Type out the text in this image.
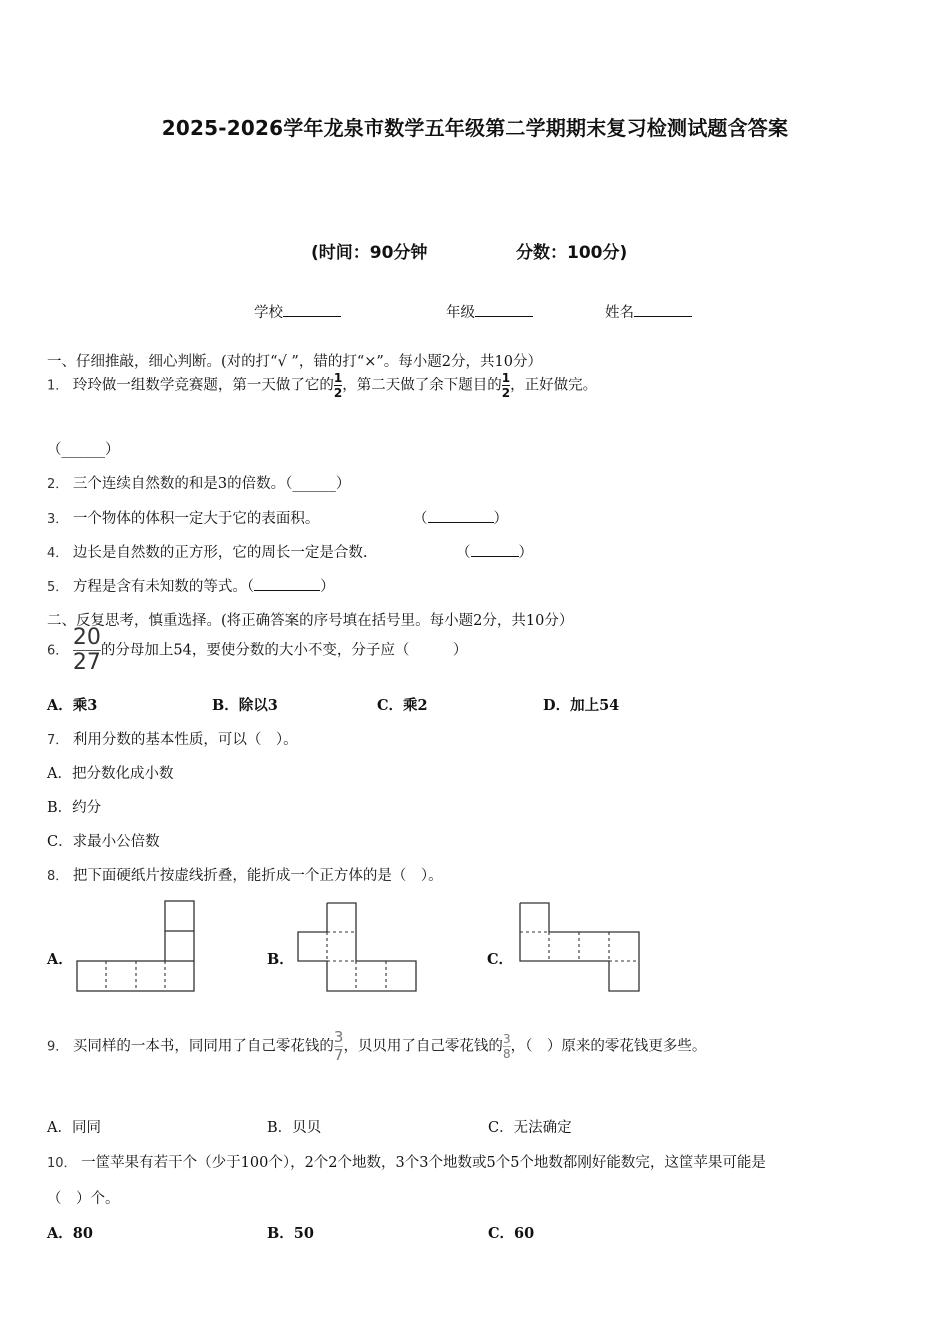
2025-2026学年龙泉市数学五年级第二学期期末复习检测试题含答案
(时间：90分钟	分数：100分)
学校	年级	姓名
一、仔细推敲，细心判断。(对的打“√ ”，错的打“×”。每小题2分，共10分）
1． 玲玲做一组数学竞赛题，第一天做了它的 $\frac{1}{2}$ ，第二天做了余下题目的 $\frac{1}{2}$ ，正好做完。
（______）
2． 三个连续自然数的和是3的倍数。（______）
3． 一个物体的体积一定大于它的表面积。	（	）
4． 边长是自然数的正方形，它的周长一定是合数.	（	）
5． 方程是含有未知数的等式。（	）
二、反复思考，慎重选择。(将正确答案的序号填在括号里。每小题2分，共10分）
6． $\frac{20}{27}$ 的分母加上54，要使分数的大小不变，分子应（　　　）
A．乘3	B．除以3	C．乘2	D．加上54
7． 利用分数的基本性质，可以（　）。
A．把分数化成小数
B．约分
C．求最小公倍数
8． 把下面硬纸片按虚线折叠，能折成一个正方体的是（　）。
A．	B．	C．
9． 买同样的一本书，同同用了自己零花钱的 $\frac{3}{7}$ ，贝贝用了自己零花钱的 $\frac{3}{8}$ ，（　）原来的零花钱更多些。
A．同同	B．贝贝	C．无法确定
10． 一筐苹果有若干个（少于100个），2个2个地数，3个3个地数或5个5个地数都刚好能数完，这筐苹果可能是
（　）个。
A．80	B．50	C．60
